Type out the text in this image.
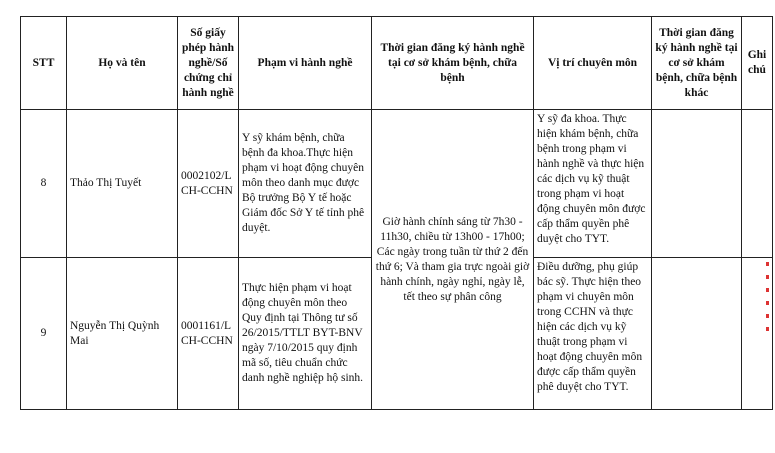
STT	Họ và tên	Số giấy phép hành nghề/Số chứng chỉ hành nghề	Phạm vi hành nghề	Thời gian đăng ký hành nghề tại cơ sở khám bệnh, chữa bệnh	Vị trí chuyên môn	Thời gian đăng ký hành nghề tại cơ sở khám bệnh, chữa bệnh khác	Ghi chú
8	Thảo Thị Tuyết	0002102/L CH-CCHN	Y sỹ khám bệnh, chữa bệnh đa khoa.Thực hiện phạm vi hoạt động chuyên môn theo danh mục được Bộ trưởng Bộ Y tế hoặc Giám đốc Sở Y tế tỉnh phê duyệt.	Giờ hành chính sáng từ 7h30 - 11h30, chiều từ 13h00 - 17h00; Các ngày trong tuần từ thứ 2 đến thứ 6; Và tham gia trực ngoài giờ hành chính, ngày nghỉ, ngày lễ, tết theo sự phân công	Y sỹ đa khoa. Thực hiện khám bệnh, chữa bệnh trong phạm vi hành nghề và thực hiện các dịch vụ kỹ thuật trong phạm vi hoạt động chuyên môn được cấp thẩm quyền phê duyệt cho TYT.		
9	Nguyễn Thị Quỳnh Mai	0001161/L CH-CCHN	Thực hiện phạm vi hoạt động chuyên môn theo Quy định tại Thông tư số 26/2015/TTLT BYT-BNV ngày 7/10/2015 quy định mã số, tiêu chuẩn chức danh nghề nghiệp hộ sinh.		Điều dưỡng, phụ giúp bác sỹ. Thực hiện theo phạm vi chuyên môn trong CCHN và thực hiện các dịch vụ kỹ thuật trong phạm vi hoạt động chuyên môn được cấp thẩm quyền phê duyệt cho TYT.		
